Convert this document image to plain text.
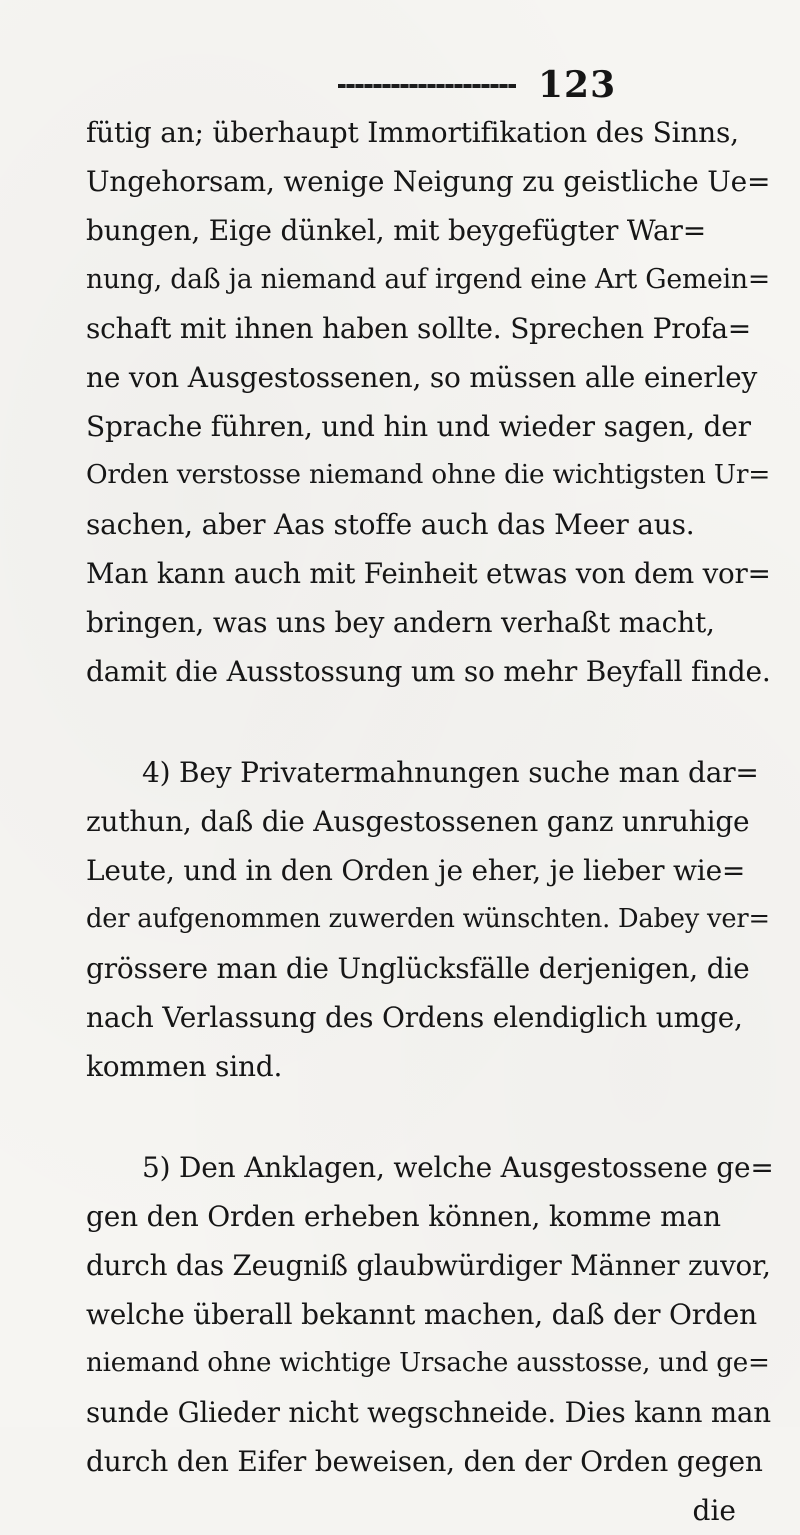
123
fütig an; überhaupt Immortifikation des Sinns,
Ungehorsam, wenige Neigung zu geistliche Ue=
bungen, Eige dünkel, mit beygefügter War=
nung, daß ja niemand auf irgend eine Art Gemein=
schaft mit ihnen haben sollte. Sprechen Profa=
ne von Ausgestossenen, so müssen alle einerley
Sprache führen, und hin und wieder sagen, der
Orden verstosse niemand ohne die wichtigsten Ur=
sachen, aber Aas stoffe auch das Meer aus.
Man kann auch mit Feinheit etwas von dem vor=
bringen, was uns bey andern verhaßt macht,
damit die Ausstossung um so mehr Beyfall finde.
4) Bey Privatermahnungen suche man dar=
zuthun, daß die Ausgestossenen ganz unruhige
Leute, und in den Orden je eher, je lieber wie=
der aufgenommen zuwerden wünschten. Dabey ver=
grössere man die Unglücksfälle derjenigen, die
nach Verlassung des Ordens elendiglich umge,
kommen sind.
5) Den Anklagen, welche Ausgestossene ge=
gen den Orden erheben können, komme man
durch das Zeugniß glaubwürdiger Männer zuvor,
welche überall bekannt machen, daß der Orden
niemand ohne wichtige Ursache ausstosse, und ge=
sunde Glieder nicht wegschneide. Dies kann man
durch den Eifer beweisen, den der Orden gegen
die
